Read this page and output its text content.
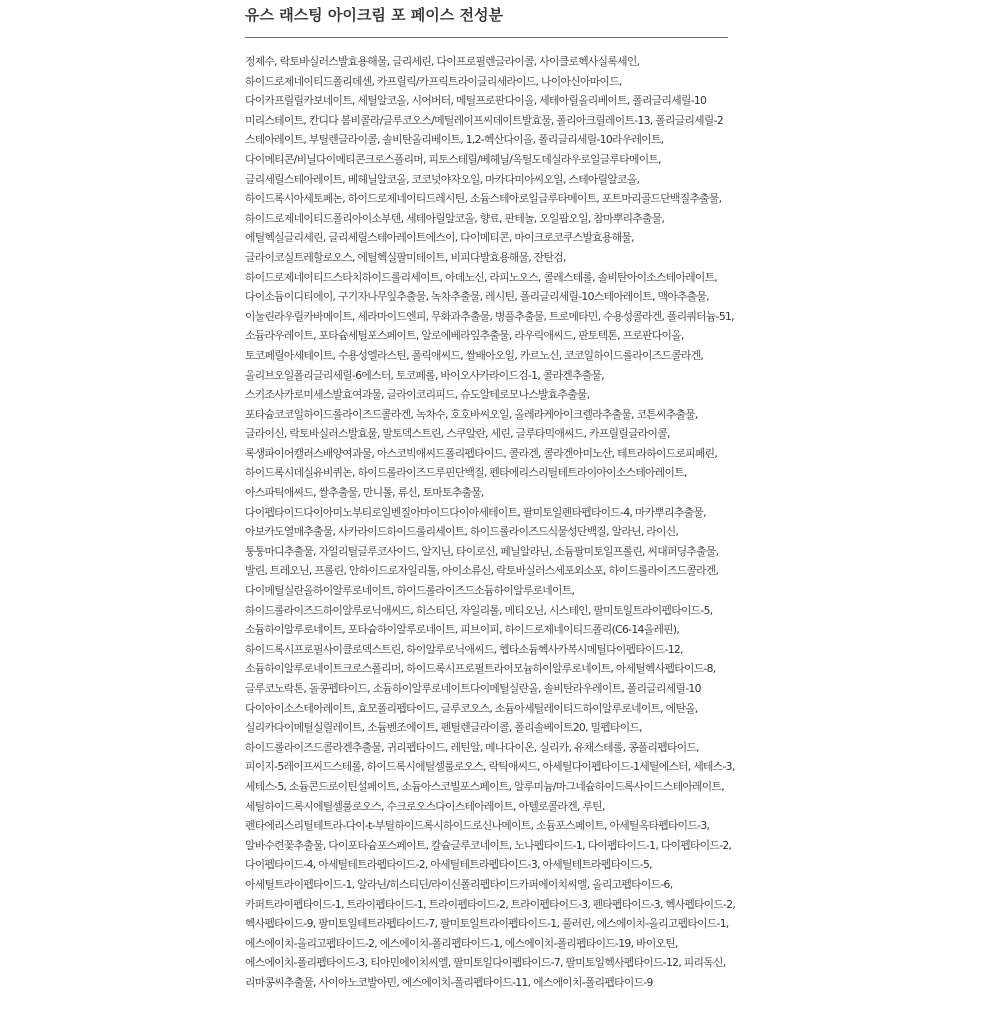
유스 래스팅 아이크림 포 페이스 전성분
정제수, 락토바실러스발효용해물, 글리세린, 다이프로필렌글라이콜, 사이클로헥사실록세인,
하이드로제네이티드폴리데센, 카프릴릭/카프릭트라이글리세라이드, 나이아신아마이드,
다이카프릴릴카보네이트, 세틸알코올, 시어버터, 메틸프로판다이올, 세테아릴올리베이트, 폴리글리세릴-10
미리스테이트, 칸디다 봄비콜라/글루코오스/메틸레이프씨데이트발효물, 폴리아크릴레이트-13, 폴리글리세릴-2
스테아레이트, 부틸렌글라이콜, 솔비탄올리베이트, 1,2-헥산다이올, 폴리글리세릴-10라우레이트,
다이메티콘/비닐다이메티콘크로스폴리머, 피토스테릴/베헤닐/옥틸도데실라우로일글루타메이트,
글리세릴스테아레이트, 베헤닐알코올, 코코넛야자오일, 마카다미아씨오일, 스테아릴알코올,
하이드록시아세토페논, 하이드로제네이티드레시틴, 소듐스테아로일글루타메이트, 포트마리골드단백질추출물,
하이드로제네이티드폴리아이소부텐, 세테아릴알코올, 향료, 판테놀, 오일팜오일, 참마뿌리추출물,
에틸헥실글리세린, 글리세릴스테아레이트에스이, 다이메티콘, 마이크로코쿠스발효용해물,
글라이코실트레할로오스, 에틸헥실팔미테이트, 비피다발효용해물, 잔탄검,
하이드로제네이티드스타치하이드롤리세이트, 아데노신, 라피노오스, 콜레스테롤, 솔비탄아이소스테아레이트,
다이소듐이디티에이, 구기자나무잎추출물, 녹차추출물, 레시틴, 폴리글리세릴-10스테아레이트, 맥아추출물,
이눌린라우릴카바메이트, 세라마이드엔피, 무화과추출물, 병풀추출물, 트로메타민, 수용성콜라겐, 폴리쿼터늄-51,
소듐라우레이트, 포타슘세틸포스페이트, 알로에베라잎추출물, 라우릭애씨드, 판토텍톤, 프로판다이올,
토코페릴아세테이트, 수용성엘라스틴, 폴릭애씨드, 쌀배아오일, 카르노신, 코코일하이드롤라이즈드콜라겐,
올리브오일폴리글리세릴-6에스터, 토코페롤, 바이오사카라이드검-1, 콜라겐추출물,
스키조사카로미세스발효여과물, 글라이코리피드, 슈도알테로모나스발효추출물,
포타슘코코일하이드롤라이즈드콜라겐, 녹차수, 호호바씨오일, 올레라케아이크렐라추출물, 코튼씨추출물,
글라이신, 락토바실러스발효물, 말토덱스트린, 스쿠알란, 세린, 글루타믹애씨드, 카프릴릴글라이콜,
록생파이어캘러스배양여과물, 아스코빅애씨드폴리펩타이드, 콜라겐, 콜라겐아미노산, 테트라하이드로피페린,
하이드록시데실유비퀴논, 하이드롤라이즈드루핀단백질, 펜타에리스리틸테트라이아이소스테아레이트,
아스파틱애씨드, 쌀추출물, 만니톨, 류신, 토마토추출물,
다이펩타이드다이아미노부티로일벤질아마이드다이아세테이트, 팔미토일펜타펩타이드-4, 마카뿌리추출물,
아보카도열매추출물, 사카라이드하이드롤리세이트, 하이드롤라이즈드식물성단백질, 알라닌, 라이신,
퉁퉁마디추출물, 자일리틸글루코사이드, 알지닌, 타이로신, 페닐알라닌, 소듐팔미토일프롤린, 씨대퍼딩추출물,
발린, 트레오닌, 프롤린, 안하이드로자일리톨, 아이소류신, 락토바실러스세포외소포, 하이드롤라이즈드콜라겐,
다이메틸실란올하이알루로네이트, 하이드롤라이즈드소듐하이알루로네이트,
하이드롤라이즈드하이알루로닉애씨드, 히스티딘, 자일리톨, 메티오닌, 시스테인, 팔미토일트라이펩타이드-5,
소듐하이알루로네이트, 포타슘하이알루로네이트, 피브이피, 하이드로제네이티드폴리(C6-14올레핀),
하이드록시프로필사이클로덱스트린, 하이알루로닉애씨드, 헵타소듐헥사카복시메틸다이펩타이드-12,
소듐하이알루로네이트크로스폴리머, 하이드록시프로필트라이모늄하이알루로네이트, 아세틸헥사펩타이드-8,
글루코노락톤, 돌콩펩타이드, 소듐하이알루로네이트다이메틸실란올, 솔비탄라우레이트, 폴리글리세릴-10
다이아이소스테아레이트, 효모폴리펩타이드, 글루코오스, 소듐아세틸레이티드하이알루로네이트, 에탄올,
실리카다이메틸실릴레이트, 소듐벤조에이트, 펜틸렌글라이콜, 폴리솔베이트20, 밀펩타이드,
하이드롤라이즈드콜라겐추출물, 귀리펩타이드, 레틴알, 메나다이온, 실리카, 유채스테롤, 콩폴리펩타이드,
피이지-5레이프씨드스테롤, 하이드록시에틸셀룰로오스, 락틱애씨드, 아세틸다이펩타이드-1세틸에스터, 세테스-3,
세테스-5, 소듐콘드로이틴설페이트, 소듐아스코빌포스페이트, 알루미늄/마그네슘하이드록사이드스테아레이트,
세틸하이드록시에틸셀룰로오스, 수크로오스다이스테아레이트, 아텔로콜라겐, 루틴,
펜타에리스리틸테트라-다이-t-부틸하이드록시하이드로신나메이트, 소듐포스페이트, 아세틸옥타펩타이드-3,
알바수련꽃추출물, 다이포타슘포스페이트, 칼슘글루코네이트, 노나펩타이드-1, 다이펩타이드-1, 다이펩타이드-2,
다이펩타이드-4, 아세틸테트라펩타이드-2, 아세틸테트라펩타이드-3, 아세틸테트라펩타이드-5,
아세틸트라이펩타이드-1, 알라닌/히스티딘/라이신폴리펩타이드카퍼에이치씨엘, 올리고펩타이드-6,
카퍼트라이펩타이드-1, 트라이펩타이드-1, 트라이펩타이드-2, 트라이펩타이드-3, 펜타펩타이드-3, 헥사펩타이드-2,
헥사펩타이드-9, 팔미토일테트라펩타이드-7, 팔미토일트라이펩타이드-1, 풀러린, 에스에이치-올리고펩타이드-1,
에스에이치-올리고펩타이드-2, 에스에이치-폴리펩타이드-1, 에스에이치-폴리펩타이드-19, 바이오틴,
에스에이치-폴리펩타이드-3, 티아민에이치씨엘, 팔미토일다이펩타이드-7, 팔미토일헥사펩타이드-12, 피리독신,
리마콩씨추출물, 사이아노코발아민, 에스에이치-폴리펩타이드-11, 에스에이치-폴리펩타이드-9
